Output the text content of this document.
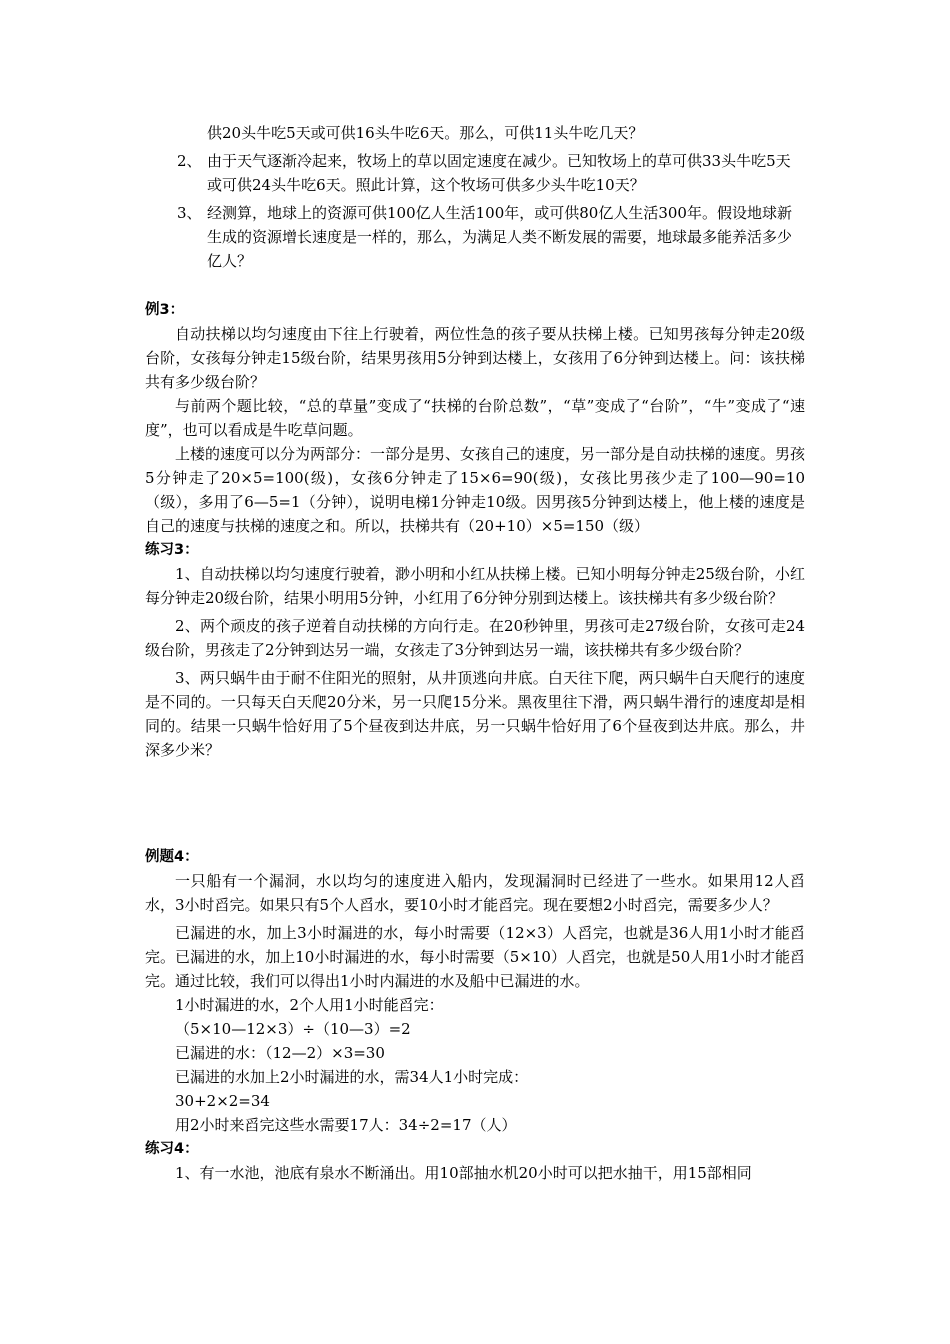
供20头牛吃5天或可供16头牛吃6天。那么，可供11头牛吃几天？

2、 由于天气逐渐冷起来，牧场上的草以固定速度在减少。已知牧场上的草可供33头牛吃5天或可供24头牛吃6天。照此计算，这个牧场可供多少头牛吃10天？

3、 经测算，地球上的资源可供100亿人生活100年，或可供80亿人生活300年。假设地球新生成的资源增长速度是一样的，那么，为满足人类不断发展的需要，地球最多能养活多少亿人？

例3：

自动扶梯以均匀速度由下往上行驶着，两位性急的孩子要从扶梯上楼。已知男孩每分钟走20级台阶，女孩每分钟走15级台阶，结果男孩用5分钟到达楼上，女孩用了6分钟到达楼上。问：该扶梯共有多少级台阶？

与前两个题比较，“总的草量”变成了“扶梯的台阶总数”，“草”变成了“台阶”，“牛”变成了“速度”，也可以看成是牛吃草问题。

上楼的速度可以分为两部分：一部分是男、女孩自己的速度，另一部分是自动扶梯的速度。男孩5分钟走了20×5=100(级)，女孩6分钟走了15×6=90(级)，女孩比男孩少走了100—90=10（级），多用了6—5=1（分钟），说明电梯1分钟走10级。因男孩5分钟到达楼上，他上楼的速度是自己的速度与扶梯的速度之和。所以，扶梯共有（20+10）×5=150（级）

练习3：

1、自动扶梯以均匀速度行驶着，渺小明和小红从扶梯上楼。已知小明每分钟走25级台阶，小红 每分钟走20级台阶，结果小明用5分钟，小红用了6分钟分别到达楼上。该扶梯共有多少级台阶？

2、两个顽皮的孩子逆着自动扶梯的方向行走。在20秒钟里，男孩可走27级台阶，女孩可走24级台阶，男孩走了2分钟到达另一端，女孩走了3分钟到达另一端，该扶梯共有多少级台阶？

3、两只蜗牛由于耐不住阳光的照射，从井顶逃向井底。白天往下爬，两只蜗牛白天爬行的速度是不同的。一只每天白天爬20分米，另一只爬15分米。黑夜里往下滑，两只蜗牛滑行的速度却是相同的。结果一只蜗牛恰好用了5个昼夜到达井底，另一只蜗牛恰好用了6个昼夜到达井底。那么，井深多少米？

例题4：

一只船有一个漏洞，水以均匀的速度进入船内，发现漏洞时已经进了一些水。如果用12人舀水，3小时舀完。如果只有5个人舀水，要10小时才能舀完。现在要想2小时舀完，需要多少人？

已漏进的水，加上3小时漏进的水，每小时需要（12×3）人舀完，也就是36人用1小时才能舀完。已漏进的水，加上10小时漏进的水，每小时需要（5×10）人舀完，也就是50人用1小时才能舀完。通过比较，我们可以得出1小时内漏进的水及船中已漏进的水。

1小时漏进的水，2个人用1小时能舀完：

（5×10—12×3）÷（10—3）=2

已漏进的水：（12—2）×3=30

已漏进的水加上2小时漏进的水，需34人1小时完成：

30+2×2=34

用2小时来舀完这些水需要17人：34÷2=17（人）

练习4：

1、有一水池，池底有泉水不断涌出。用10部抽水机20小时可以把水抽干，用15部相同
